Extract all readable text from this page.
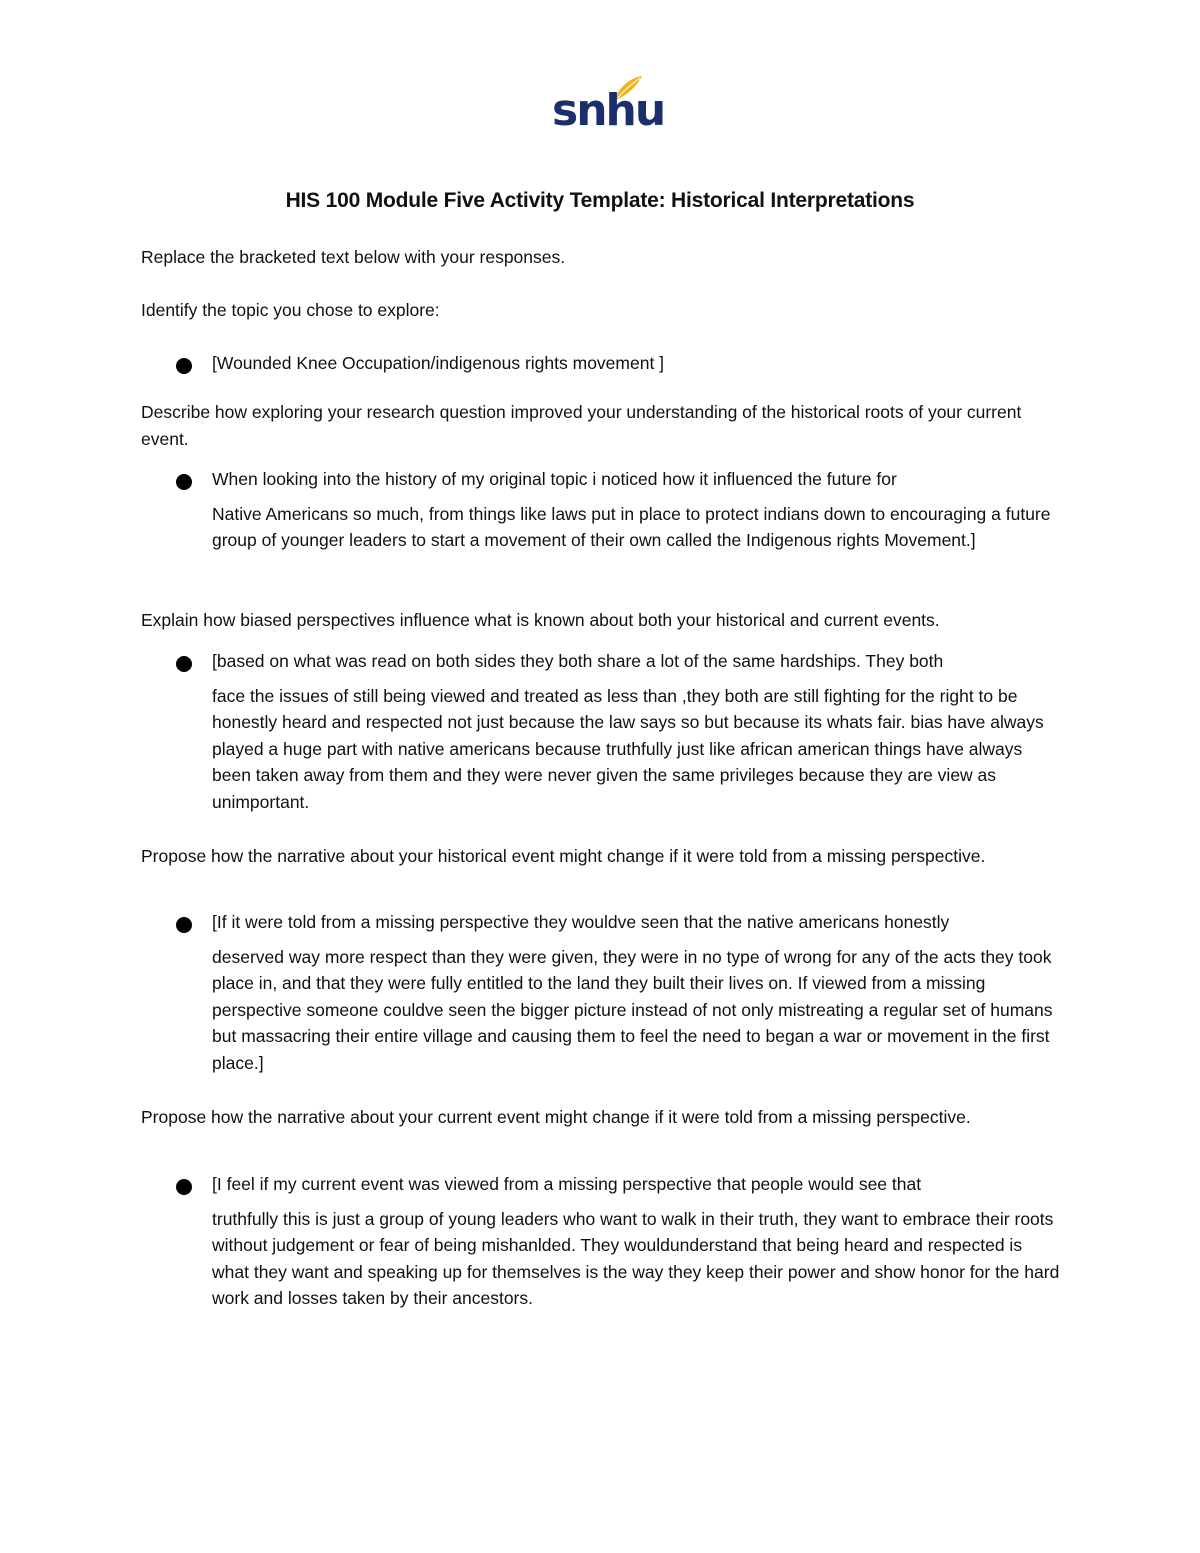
snhu
HIS 100 Module Five Activity Template: Historical Interpretations
Replace the bracketed text below with your responses.
Identify the topic you chose to explore:
[Wounded Knee Occupation/indigenous rights movement ]
Describe how exploring your research question improved your understanding of the historical roots of your current event.
When looking into the history of my original topic i noticed how it influenced the future for
Native Americans so much, from things like laws put in place to protect indians down to encouraging a future group of younger leaders to start a movement of their own called the Indigenous rights Movement.]
Explain how biased perspectives influence what is known about both your historical and current events.
[based on what was read on both sides they both share a lot of the same hardships. They both
face the issues of still being viewed and treated as less than ,they both are still fighting for the right to be honestly heard and respected not just because the law says so but because its whats fair. bias have always played a huge part with native americans because truthfully just like african american things have always been taken away from them and they were never given the same privileges because they are view as unimportant.
Propose how the narrative about your historical event might change if it were told from a missing perspective.
[If it were told from a missing perspective they wouldve seen that the native americans honestly
deserved way more respect than they were given, they were in no type of wrong for any of the acts they took place in, and that they were fully entitled to the land they built their lives on. If viewed from a missing perspective someone couldve seen the bigger picture instead of not only mistreating a regular set of humans but massacring their entire village and causing them to feel the need to began a war or movement in the first place.]
Propose how the narrative about your current event might change if it were told from a missing perspective.
[I feel if my current event was viewed from a missing perspective that people would see that
truthfully this is just a group of young leaders who want to walk in their truth, they want to embrace their roots without judgement or fear of being mishanlded. They wouldunderstand that being heard and respected is what they want and speaking up for themselves is the way they keep their power and show honor for the hard work and losses taken by their ancestors.
